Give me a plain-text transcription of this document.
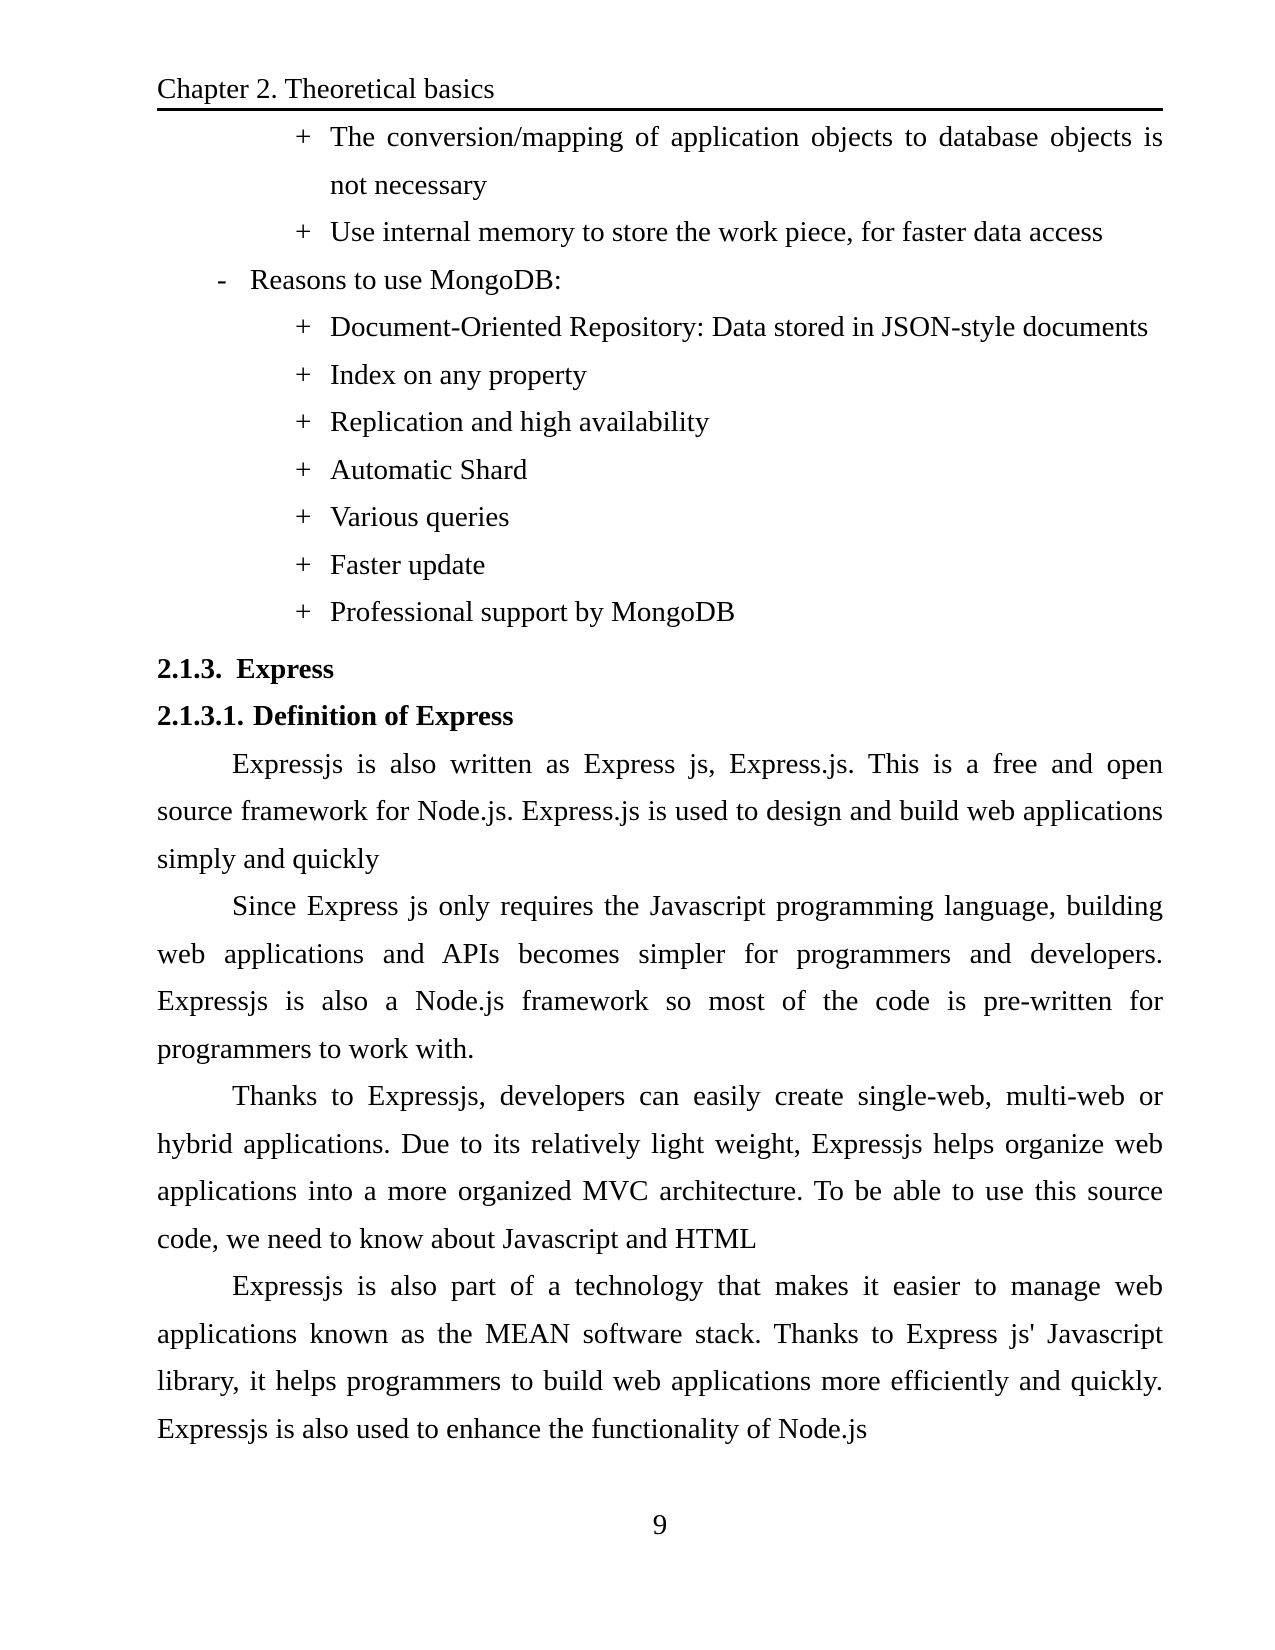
Chapter 2. Theoretical basics
+ The conversion/mapping of application objects to database objects is not necessary
+ Use internal memory to store the work piece, for faster data access
- Reasons to use MongoDB:
+ Document-Oriented Repository: Data stored in JSON-style documents
+ Index on any property
+ Replication and high availability
+ Automatic Shard
+ Various queries
+ Faster update
+ Professional support by MongoDB
2.1.3. Express
2.1.3.1. Definition of Express

Expressjs is also written as Express js, Express.js. This is a free and open source framework for Node.js. Express.js is used to design and build web applications simply and quickly

Since Express js only requires the Javascript programming language, building web applications and APIs becomes simpler for programmers and developers. Expressjs is also a Node.js framework so most of the code is pre-written for programmers to work with.

Thanks to Expressjs, developers can easily create single-web, multi-web or hybrid applications. Due to its relatively light weight, Expressjs helps organize web applications into a more organized MVC architecture. To be able to use this source code, we need to know about Javascript and HTML

Expressjs is also part of a technology that makes it easier to manage web applications known as the MEAN software stack. Thanks to Express js' Javascript library, it helps programmers to build web applications more efficiently and quickly. Expressjs is also used to enhance the functionality of Node.js

9
